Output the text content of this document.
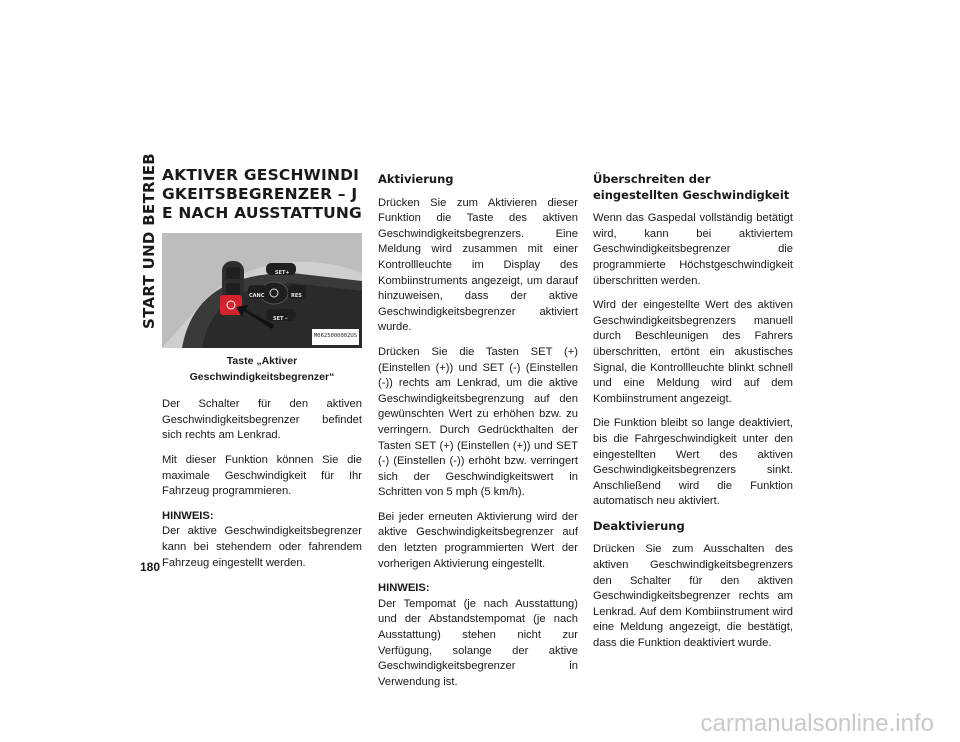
START UND BETRIEB
180
AKTIVER GESCHWINDIGKEITSBEGRENZER – JE NACH AUSSTATTUNG
SET+
CANC	RES
SET –
M0625000002US
Taste „Aktiver Geschwindigkeitsbegrenzer“

Der Schalter für den aktiven Geschwindigkeitsbegrenzer befindet sich rechts am Lenkrad.

Mit dieser Funktion können Sie die maximale Geschwindigkeit für Ihr Fahrzeug programmieren.

HINWEIS:
Der aktive Geschwindigkeitsbegrenzer kann bei stehendem oder fahrendem Fahrzeug eingestellt werden.

Aktivierung

Drücken Sie zum Aktivieren dieser Funktion die Taste des aktiven Geschwindigkeitsbegrenzers. Eine Meldung wird zusammen mit einer Kontrollleuchte im Display des Kombiinstruments angezeigt, um darauf hinzuweisen, dass der aktive Geschwindigkeitsbegrenzer aktiviert wurde.

Drücken Sie die Tasten SET (+) (Einstellen (+)) und SET (-) (Einstellen (-)) rechts am Lenkrad, um die aktive Geschwindigkeitsbegrenzung auf den gewünschten Wert zu erhöhen bzw. zu verringern. Durch Gedrückthalten der Tasten SET (+) (Einstellen (+)) und SET (-) (Einstellen (-)) erhöht bzw. verringert sich der Geschwindigkeitswert in Schritten von 5 mph (5 km/h).

Bei jeder erneuten Aktivierung wird der aktive Geschwindigkeitsbegrenzer auf den letzten programmierten Wert der vorherigen Aktivierung eingestellt.

HINWEIS:
Der Tempomat (je nach Ausstattung) und der Abstandstempomat (je nach Ausstattung) stehen nicht zur Verfügung, solange der aktive Geschwindigkeitsbegrenzer in Verwendung ist.

Überschreiten der eingestellten Geschwindigkeit

Wenn das Gaspedal vollständig betätigt wird, kann bei aktiviertem Geschwindigkeitsbegrenzer die programmierte Höchstgeschwindigkeit überschritten werden.

Wird der eingestellte Wert des aktiven Geschwindigkeitsbegrenzers manuell durch Beschleunigen des Fahrers überschritten, ertönt ein akustisches Signal, die Kontrollleuchte blinkt schnell und eine Meldung wird auf dem Kombiinstrument angezeigt.

Die Funktion bleibt so lange deaktiviert, bis die Fahrgeschwindigkeit unter den eingestellten Wert des aktiven Geschwindigkeitsbegrenzers sinkt. Anschließend wird die Funktion automatisch neu aktiviert.

Deaktivierung

Drücken Sie zum Ausschalten des aktiven Geschwindigkeitsbegrenzers den Schalter für den aktiven Geschwindigkeitsbegrenzer rechts am Lenkrad. Auf dem Kombiinstrument wird eine Meldung angezeigt, die bestätigt, dass die Funktion deaktiviert wurde.

carmanualsonline.info
